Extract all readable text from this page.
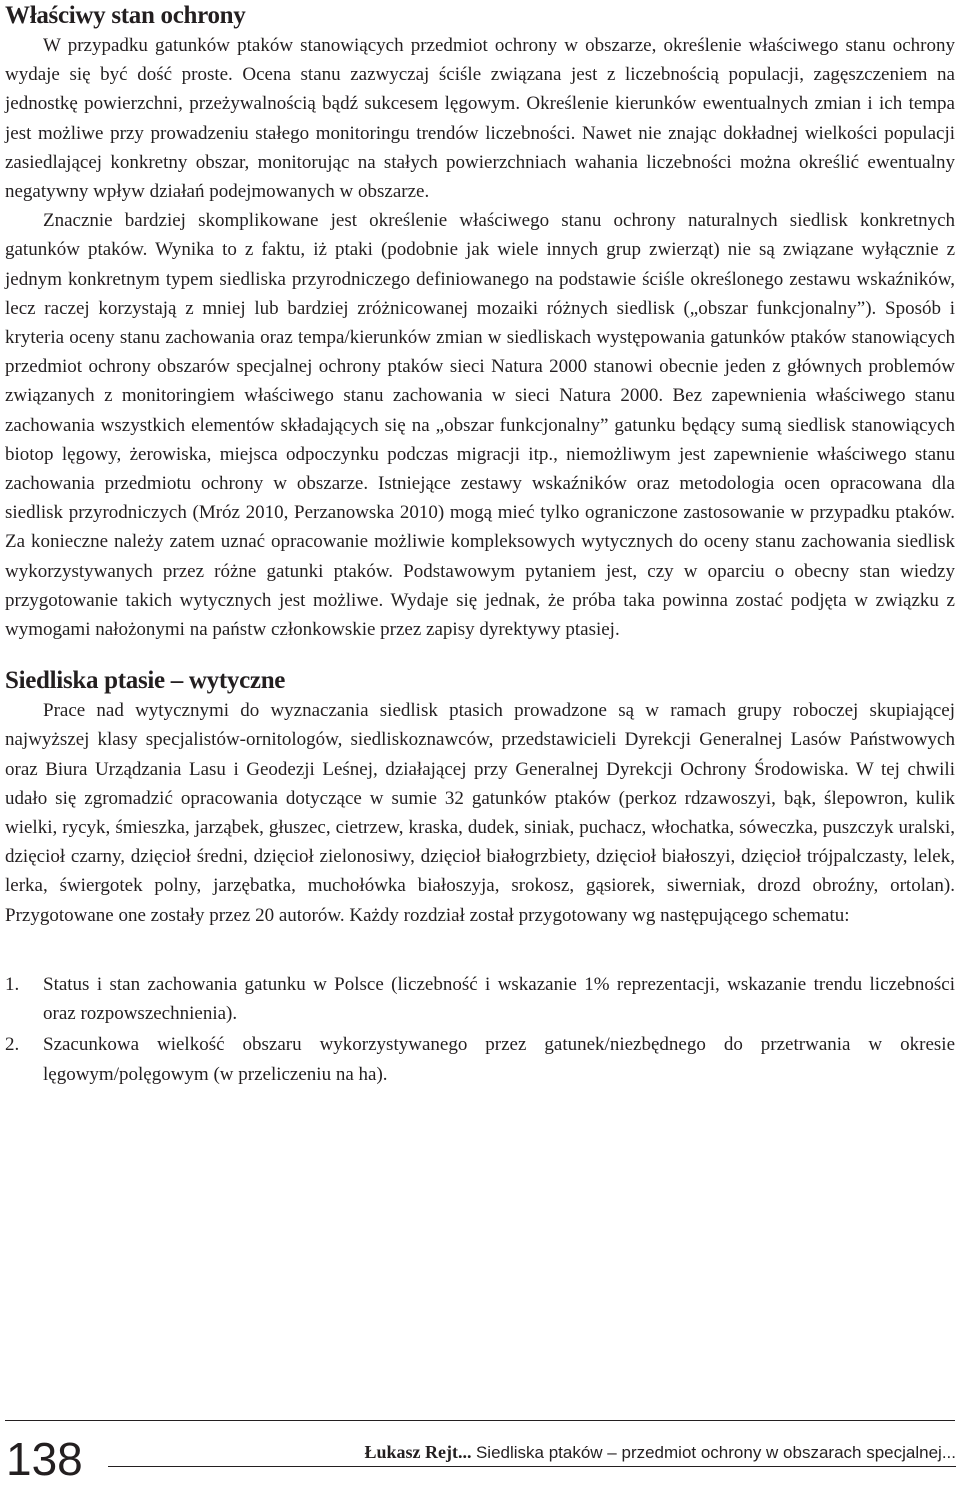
Właściwy stan ochrony

W przypadku gatunków ptaków stanowiących przedmiot ochrony w obszarze, określenie właściwego stanu ochrony wydaje się być dość proste. Ocena stanu zazwyczaj ściśle związana jest z liczebnością populacji, zagęszczeniem na jednostkę powierzchni, przeżywalnością bądź sukcesem lęgowym. Określenie kierunków ewentualnych zmian i ich tempa jest możliwe przy prowadzeniu stałego monitoringu trendów liczebności. Nawet nie znając dokładnej wielkości populacji zasiedlającej konkretny obszar, monitorując na stałych powierzchniach wahania liczebności można określić ewentualny negatywny wpływ działań podejmowanych w obszarze.

Znacznie bardziej skomplikowane jest określenie właściwego stanu ochrony naturalnych siedlisk konkretnych gatunków ptaków. Wynika to z faktu, iż ptaki (podobnie jak wiele innych grup zwierząt) nie są związane wyłącznie z jednym konkretnym typem siedliska przyrodniczego definiowanego na podstawie ściśle określonego zestawu wskaźników, lecz raczej korzystają z mniej lub bardziej zróżnicowanej mozaiki różnych siedlisk („obszar funkcjonalny”). Sposób i kryteria oceny stanu zachowania oraz tempa/kierunków zmian w siedliskach występowania gatunków ptaków stanowiących przedmiot ochrony obszarów specjalnej ochrony ptaków sieci Natura 2000 stanowi obecnie jeden z głównych problemów związanych z monitoringiem właściwego stanu zachowania w sieci Natura 2000. Bez zapewnienia właściwego stanu zachowania wszystkich elementów składających się na „obszar funkcjonalny” gatunku będący sumą siedlisk stanowiących biotop lęgowy, żerowiska, miejsca odpoczynku podczas migracji itp., niemożliwym jest zapewnienie właściwego stanu zachowania przedmiotu ochrony w obszarze. Istniejące zestawy wskaźników oraz metodologia ocen opracowana dla siedlisk przyrodniczych (Mróz 2010, Perzanowska 2010) mogą mieć tylko ograniczone zastosowanie w przypadku ptaków. Za konieczne należy zatem uznać opracowanie możliwie kompleksowych wytycznych do oceny stanu zachowania siedlisk wykorzystywanych przez różne gatunki ptaków. Podstawowym pytaniem jest, czy w oparciu o obecny stan wiedzy przygotowanie takich wytycznych jest możliwe. Wydaje się jednak, że próba taka powinna zostać podjęta w związku z wymogami nałożonymi na państw członkowskie przez zapisy dyrektywy ptasiej.

Siedliska ptasie – wytyczne

Prace nad wytycznymi do wyznaczania siedlisk ptasich prowadzone są w ramach grupy roboczej skupiającej najwyższej klasy specjalistów-ornitologów, siedliskoznawców, przedstawicieli Dyrekcji Generalnej Lasów Państwowych oraz Biura Urządzania Lasu i Geodezji Leśnej, działającej przy Generalnej Dyrekcji Ochrony Środowiska. W tej chwili udało się zgromadzić opracowania dotyczące w sumie 32 gatunków ptaków (perkoz rdzawoszyi, bąk, ślepowron, kulik wielki, rycyk, śmieszka, jarząbek, głuszec, cietrzew, kraska, dudek, siniak, puchacz, włochatka, sóweczka, puszczyk uralski, dzięcioł czarny, dzięcioł średni, dzięcioł zielonosiwy, dzięcioł białogrzbiety, dzięcioł białoszyi, dzięcioł trójpalczasty, lelek, lerka, świergotek polny, jarzębatka, muchołówka białoszyja, srokosz, gąsiorek, siwerniak, drozd obroźny, ortolan). Przygotowane one zostały przez 20 autorów. Każdy rozdział został przygotowany wg następującego schematu:

1. Status i stan zachowania gatunku w Polsce (liczebność i wskazanie 1% reprezentacji, wskazanie trendu liczebności oraz rozpowszechnienia).
2. Szacunkowa wielkość obszaru wykorzystywanego przez gatunek/niezbędnego do przetrwania w okresie lęgowym/polęgowym (w przeliczeniu na ha).
138	Łukasz Rejt... Siedliska ptaków – przedmiot ochrony w obszarach specjalnej...
